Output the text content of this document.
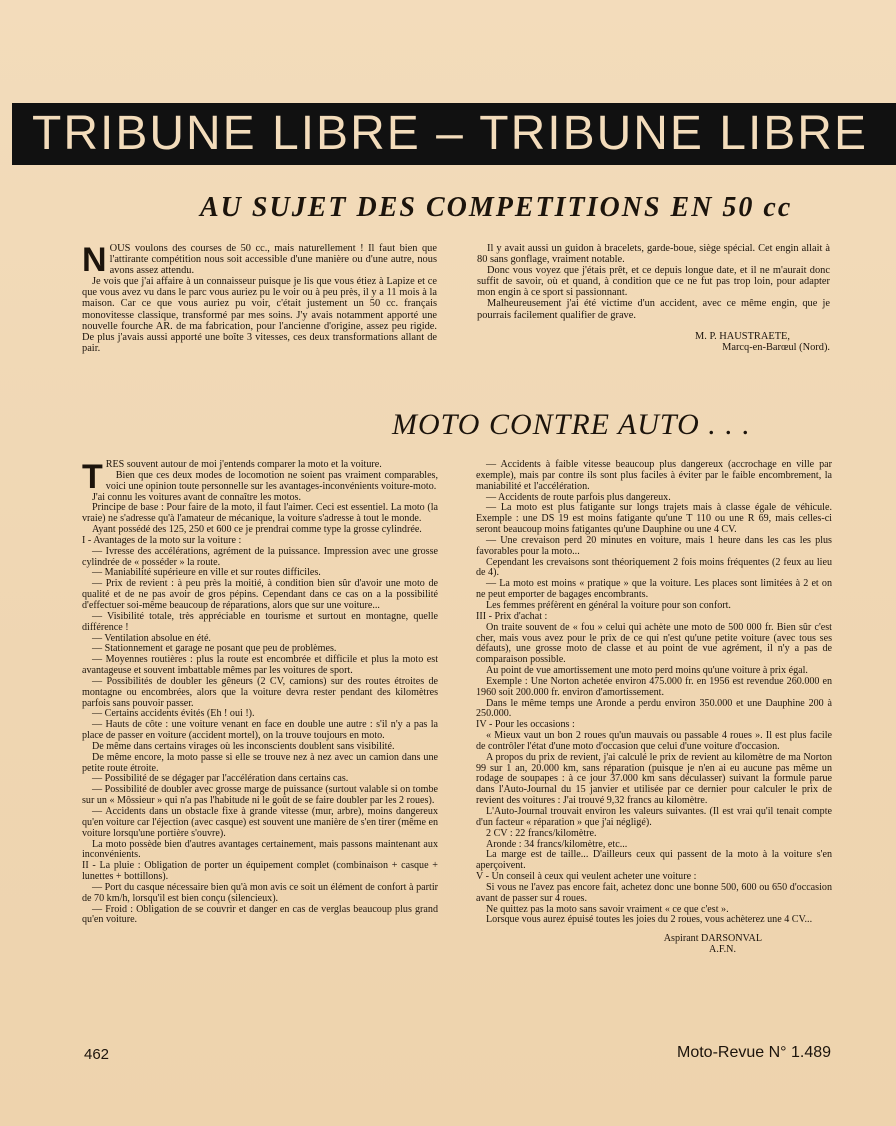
TRIBUNE LIBRE – TRIBUNE LIBRE
AU SUJET DES COMPETITIONS EN 50 cc
N OUS voulons des courses de 50 cc., mais naturellement ! Il faut bien que l'attirante compétition nous soit accessible d'une manière ou d'une autre, nous avons assez attendu.

Je vois que j'ai affaire à un connaisseur puisque je lis que vous étiez à Lapize et ce que vous avez vu dans le parc vous auriez pu le voir ou à peu près, il y a 11 mois à la maison. Car ce que vous auriez pu voir, c'était justement un 50 cc. français monovitesse classique, transformé par mes soins. J'y avais notamment apporté une nouvelle fourche AR. de ma fabrication, pour l'ancienne d'origine, assez peu rigide. De plus j'avais aussi apporté une boîte 3 vitesses, ces deux transformations allant de pair.

Il y avait aussi un guidon à bracelets, garde-boue, siège spécial. Cet engin allait à 80 sans gonflage, vraiment notable.

Donc vous voyez que j'étais prêt, et ce depuis longue date, et il ne m'aurait donc suffit de savoir, où et quand, à condition que ce ne fut pas trop loin, pour adapter mon engin à ce sport si passionnant.

Malheureusement j'ai été victime d'un accident, avec ce même engin, que je pourrais facilement qualifier de grave.

M. P. HAUSTRAETE,

Marcq-en-Barœul (Nord).

MOTO CONTRE AUTO . . .
T RES souvent autour de moi j'entends comparer la moto et la voiture.

Bien que ces deux modes de locomotion ne soient pas vraiment comparables, voici une opinion toute personnelle sur les avantages-inconvénients voiture-moto.

J'ai connu les voitures avant de connaître les motos.

Principe de base : Pour faire de la moto, il faut l'aimer. Ceci est essentiel. La moto (la vraie) ne s'adresse qu'à l'amateur de mécanique, la voiture s'adresse à tout le monde.

Ayant possédé des 125, 250 et 600 ce je prendrai comme type la grosse cylindrée.

I - Avantages de la moto sur la voiture :

— Ivresse des accélérations, agrément de la puissance. Impression avec une grosse cylindrée de « posséder » la route.

— Maniabilité supérieure en ville et sur routes difficiles.

— Prix de revient : à peu près la moitié, à condition bien sûr d'avoir une moto de qualité et de ne pas avoir de gros pépins. Cependant dans ce cas on a la possibilité d'effectuer soi-même beaucoup de réparations, alors que sur une voiture...

— Visibilité totale, très appréciable en tourisme et surtout en montagne, quelle différence !

— Ventilation absolue en été.

— Stationnement et garage ne posant que peu de problèmes.

— Moyennes routières : plus la route est encombrée et difficile et plus la moto est avantageuse et souvent imbattable mêmes par les voitures de sport.

— Possibilités de doubler les gêneurs (2 CV, camions) sur des routes étroites de montagne ou encombrées, alors que la voiture devra rester pendant des kilomètres parfois sans pouvoir passer.

— Certains accidents évités (Eh ! oui !).

— Hauts de côte : une voiture venant en face en double une autre : s'il n'y a pas la place de passer en voiture (accident mortel), on la trouve toujours en moto.

De même dans certains virages où les inconscients doublent sans visibilité.

De même encore, la moto passe si elle se trouve nez à nez avec un camion dans une petite route étroite.

— Possibilité de se dégager par l'accélération dans certains cas.

— Possibilité de doubler avec grosse marge de puissance (surtout valable si on tombe sur un « Môssieur » qui n'a pas l'habitude ni le goût de se faire doubler par les 2 roues).

— Accidents dans un obstacle fixe à grande vitesse (mur, arbre), moins dangereux qu'en voiture car l'éjection (avec casque) est souvent une manière de s'en tirer (même en voiture lorsqu'une portière s'ouvre).

La moto possède bien d'autres avantages certainement, mais passons maintenant aux inconvénients.

II - La pluie : Obligation de porter un équipement complet (combinaison + casque + lunettes + bottillons).

— Port du casque nécessaire bien qu'à mon avis ce soit un élément de confort à partir de 70 km/h, lorsqu'il est bien conçu (silencieux).

— Froid : Obligation de se couvrir et danger en cas de verglas beaucoup plus grand qu'en voiture.

— Accidents à faible vitesse beaucoup plus dangereux (accrochage en ville par exemple), mais par contre ils sont plus faciles à éviter par le faible encombrement, la maniabilité et l'accélération.

— Accidents de route parfois plus dangereux.

— La moto est plus fatigante sur longs trajets mais à classe égale de véhicule. Exemple : une DS 19 est moins fatigante qu'une T 110 ou une R 69, mais celles-ci seront beaucoup moins fatigantes qu'une Dauphine ou une 4 CV.

— Une crevaison perd 20 minutes en voiture, mais 1 heure dans les cas les plus favorables pour la moto...

Cependant les crevaisons sont théoriquement 2 fois moins fréquentes (2 feux au lieu de 4).

— La moto est moins « pratique » que la voiture. Les places sont limitées à 2 et on ne peut emporter de bagages encombrants.

Les femmes préfèrent en général la voiture pour son confort.

III - Prix d'achat :

On traite souvent de « fou » celui qui achète une moto de 500 000 fr. Bien sûr c'est cher, mais vous avez pour le prix de ce qui n'est qu'une petite voiture (avec tous ses défauts), une grosse moto de classe et au point de vue agrément, il n'y a pas de comparaison possible.

Au point de vue amortissement une moto perd moins qu'une voiture à prix égal.

Exemple : Une Norton achetée environ 475.000 fr. en 1956 est revendue 260.000 en 1960 soit 200.000 fr. environ d'amortissement.

Dans le même temps une Aronde a perdu environ 350.000 et une Dauphine 200 à 250.000.

IV - Pour les occasions :

« Mieux vaut un bon 2 roues qu'un mauvais ou passable 4 roues ». Il est plus facile de contrôler l'état d'une moto d'occasion que celui d'une voiture d'occasion.

A propos du prix de revient, j'ai calculé le prix de revient au kilomètre de ma Norton 99 sur 1 an, 20.000 km, sans réparation (puisque je n'en ai eu aucune pas même un rodage de soupapes : à ce jour 37.000 km sans déculasser) suivant la formule parue dans l'Auto-Journal du 15 janvier et utilisée par ce dernier pour calculer le prix de revient des voitures : J'ai trouvé 9,32 francs au kilomètre.

L'Auto-Journal trouvait environ les valeurs suivantes. (Il est vrai qu'il tenait compte d'un facteur « réparation » que j'ai négligé).

2 CV : 22 francs/kilomètre.

Aronde : 34 francs/kilomètre, etc...

La marge est de taille... D'ailleurs ceux qui passent de la moto à la voiture s'en aperçoivent.

V - Un conseil à ceux qui veulent acheter une voiture :

Si vous ne l'avez pas encore fait, achetez donc une bonne 500, 600 ou 650 d'occasion avant de passer sur 4 roues.

Ne quittez pas la moto sans savoir vraiment « ce que c'est ».

Lorsque vous aurez épuisé toutes les joies du 2 roues, vous achèterez une 4 CV...

Aspirant DARSONVAL

A.F.N.

462	Moto-Revue N° 1.489
